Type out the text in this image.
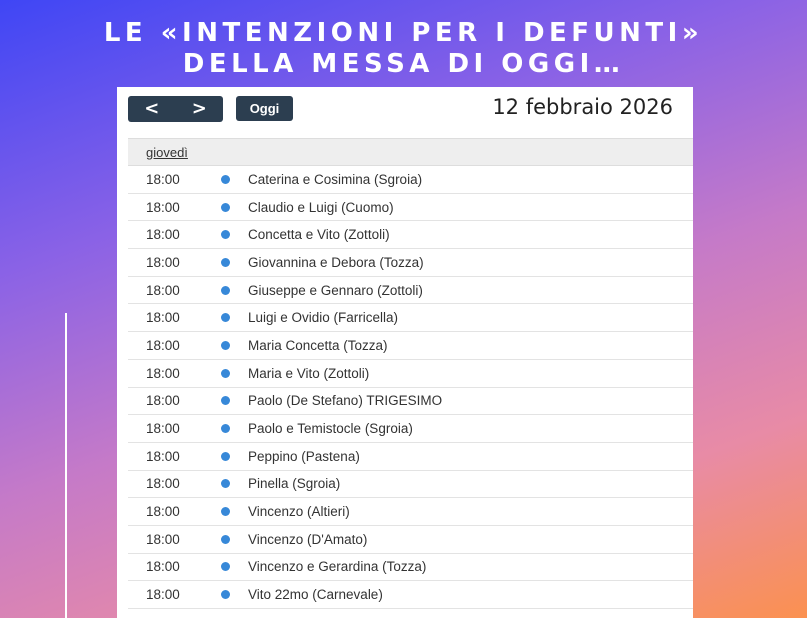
LE «INTENZIONI PER I DEFUNTI»
DELLA MESSA DI OGGI…
<	>	Oggi	12 febbraio 2026
giovedì
18:00	Caterina e Cosimina (Sgroia)
18:00	Claudio e Luigi (Cuomo)
18:00	Concetta e Vito (Zottoli)
18:00	Giovannina e Debora (Tozza)
18:00	Giuseppe e Gennaro (Zottoli)
18:00	Luigi e Ovidio (Farricella)
18:00	Maria Concetta (Tozza)
18:00	Maria e Vito (Zottoli)
18:00	Paolo (De Stefano) TRIGESIMO
18:00	Paolo e Temistocle (Sgroia)
18:00	Peppino (Pastena)
18:00	Pinella (Sgroia)
18:00	Vincenzo (Altieri)
18:00	Vincenzo (D'Amato)
18:00	Vincenzo e Gerardina (Tozza)
18:00	Vito 22mo (Carnevale)
